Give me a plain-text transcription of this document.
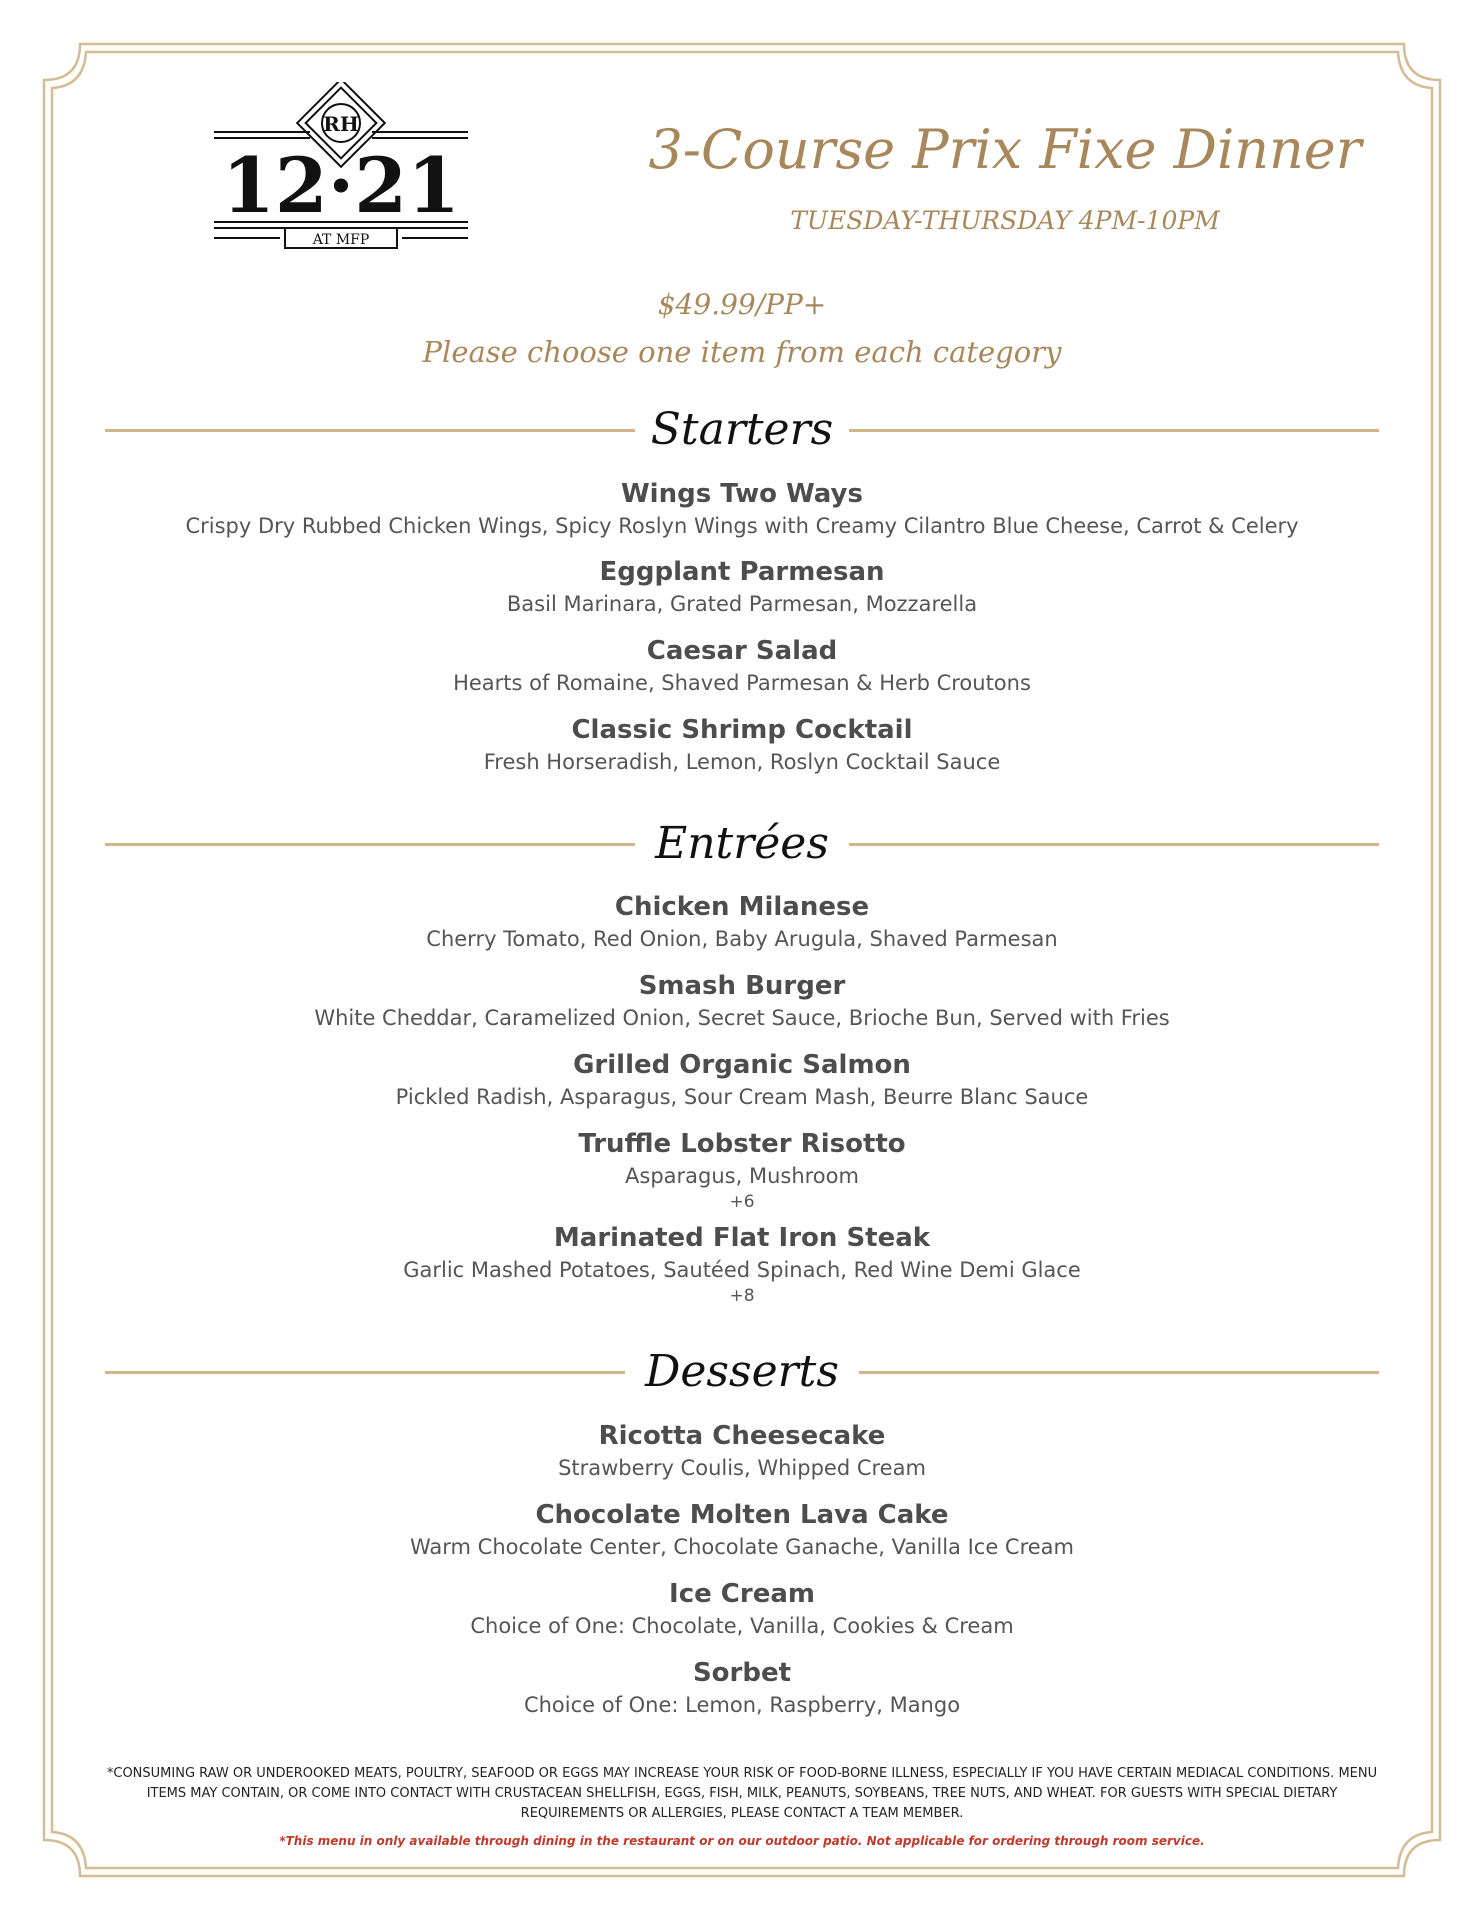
RH
12·21
AT MFP
3-Course Prix Fixe Dinner
TUESDAY-THURSDAY 4PM-10PM
$49.99/PP+
Please choose one item from each category
Starters
Wings Two Ways
Crispy Dry Rubbed Chicken Wings, Spicy Roslyn Wings with Creamy Cilantro Blue Cheese, Carrot & Celery
Eggplant Parmesan
Basil Marinara, Grated Parmesan, Mozzarella
Caesar Salad
Hearts of Romaine, Shaved Parmesan & Herb Croutons
Classic Shrimp Cocktail
Fresh Horseradish, Lemon, Roslyn Cocktail Sauce
Entrées
Chicken Milanese
Cherry Tomato, Red Onion, Baby Arugula, Shaved Parmesan
Smash Burger
White Cheddar, Caramelized Onion, Secret Sauce, Brioche Bun, Served with Fries
Grilled Organic Salmon
Pickled Radish, Asparagus, Sour Cream Mash, Beurre Blanc Sauce
Truffle Lobster Risotto
Asparagus, Mushroom
+6
Marinated Flat Iron Steak
Garlic Mashed Potatoes, Sautéed Spinach, Red Wine Demi Glace
+8
Desserts
Ricotta Cheesecake
Strawberry Coulis, Whipped Cream
Chocolate Molten Lava Cake
Warm Chocolate Center, Chocolate Ganache, Vanilla Ice Cream
Ice Cream
Choice of One: Chocolate, Vanilla, Cookies & Cream
Sorbet
Choice of One: Lemon, Raspberry, Mango
*CONSUMING RAW OR UNDEROOKED MEATS, POULTRY, SEAFOOD OR EGGS MAY INCREASE YOUR RISK OF FOOD-BORNE ILLNESS, ESPECIALLY IF YOU HAVE CERTAIN MEDIACAL CONDITIONS. MENU ITEMS MAY CONTAIN, OR COME INTO CONTACT WITH CRUSTACEAN SHELLFISH, EGGS, FISH, MILK, PEANUTS, SOYBEANS, TREE NUTS, AND WHEAT. FOR GUESTS WITH SPECIAL DIETARY REQUIREMENTS OR ALLERGIES, PLEASE CONTACT A TEAM MEMBER.
*This menu in only available through dining in the restaurant or on our outdoor patio. Not applicable for ordering through room service.
